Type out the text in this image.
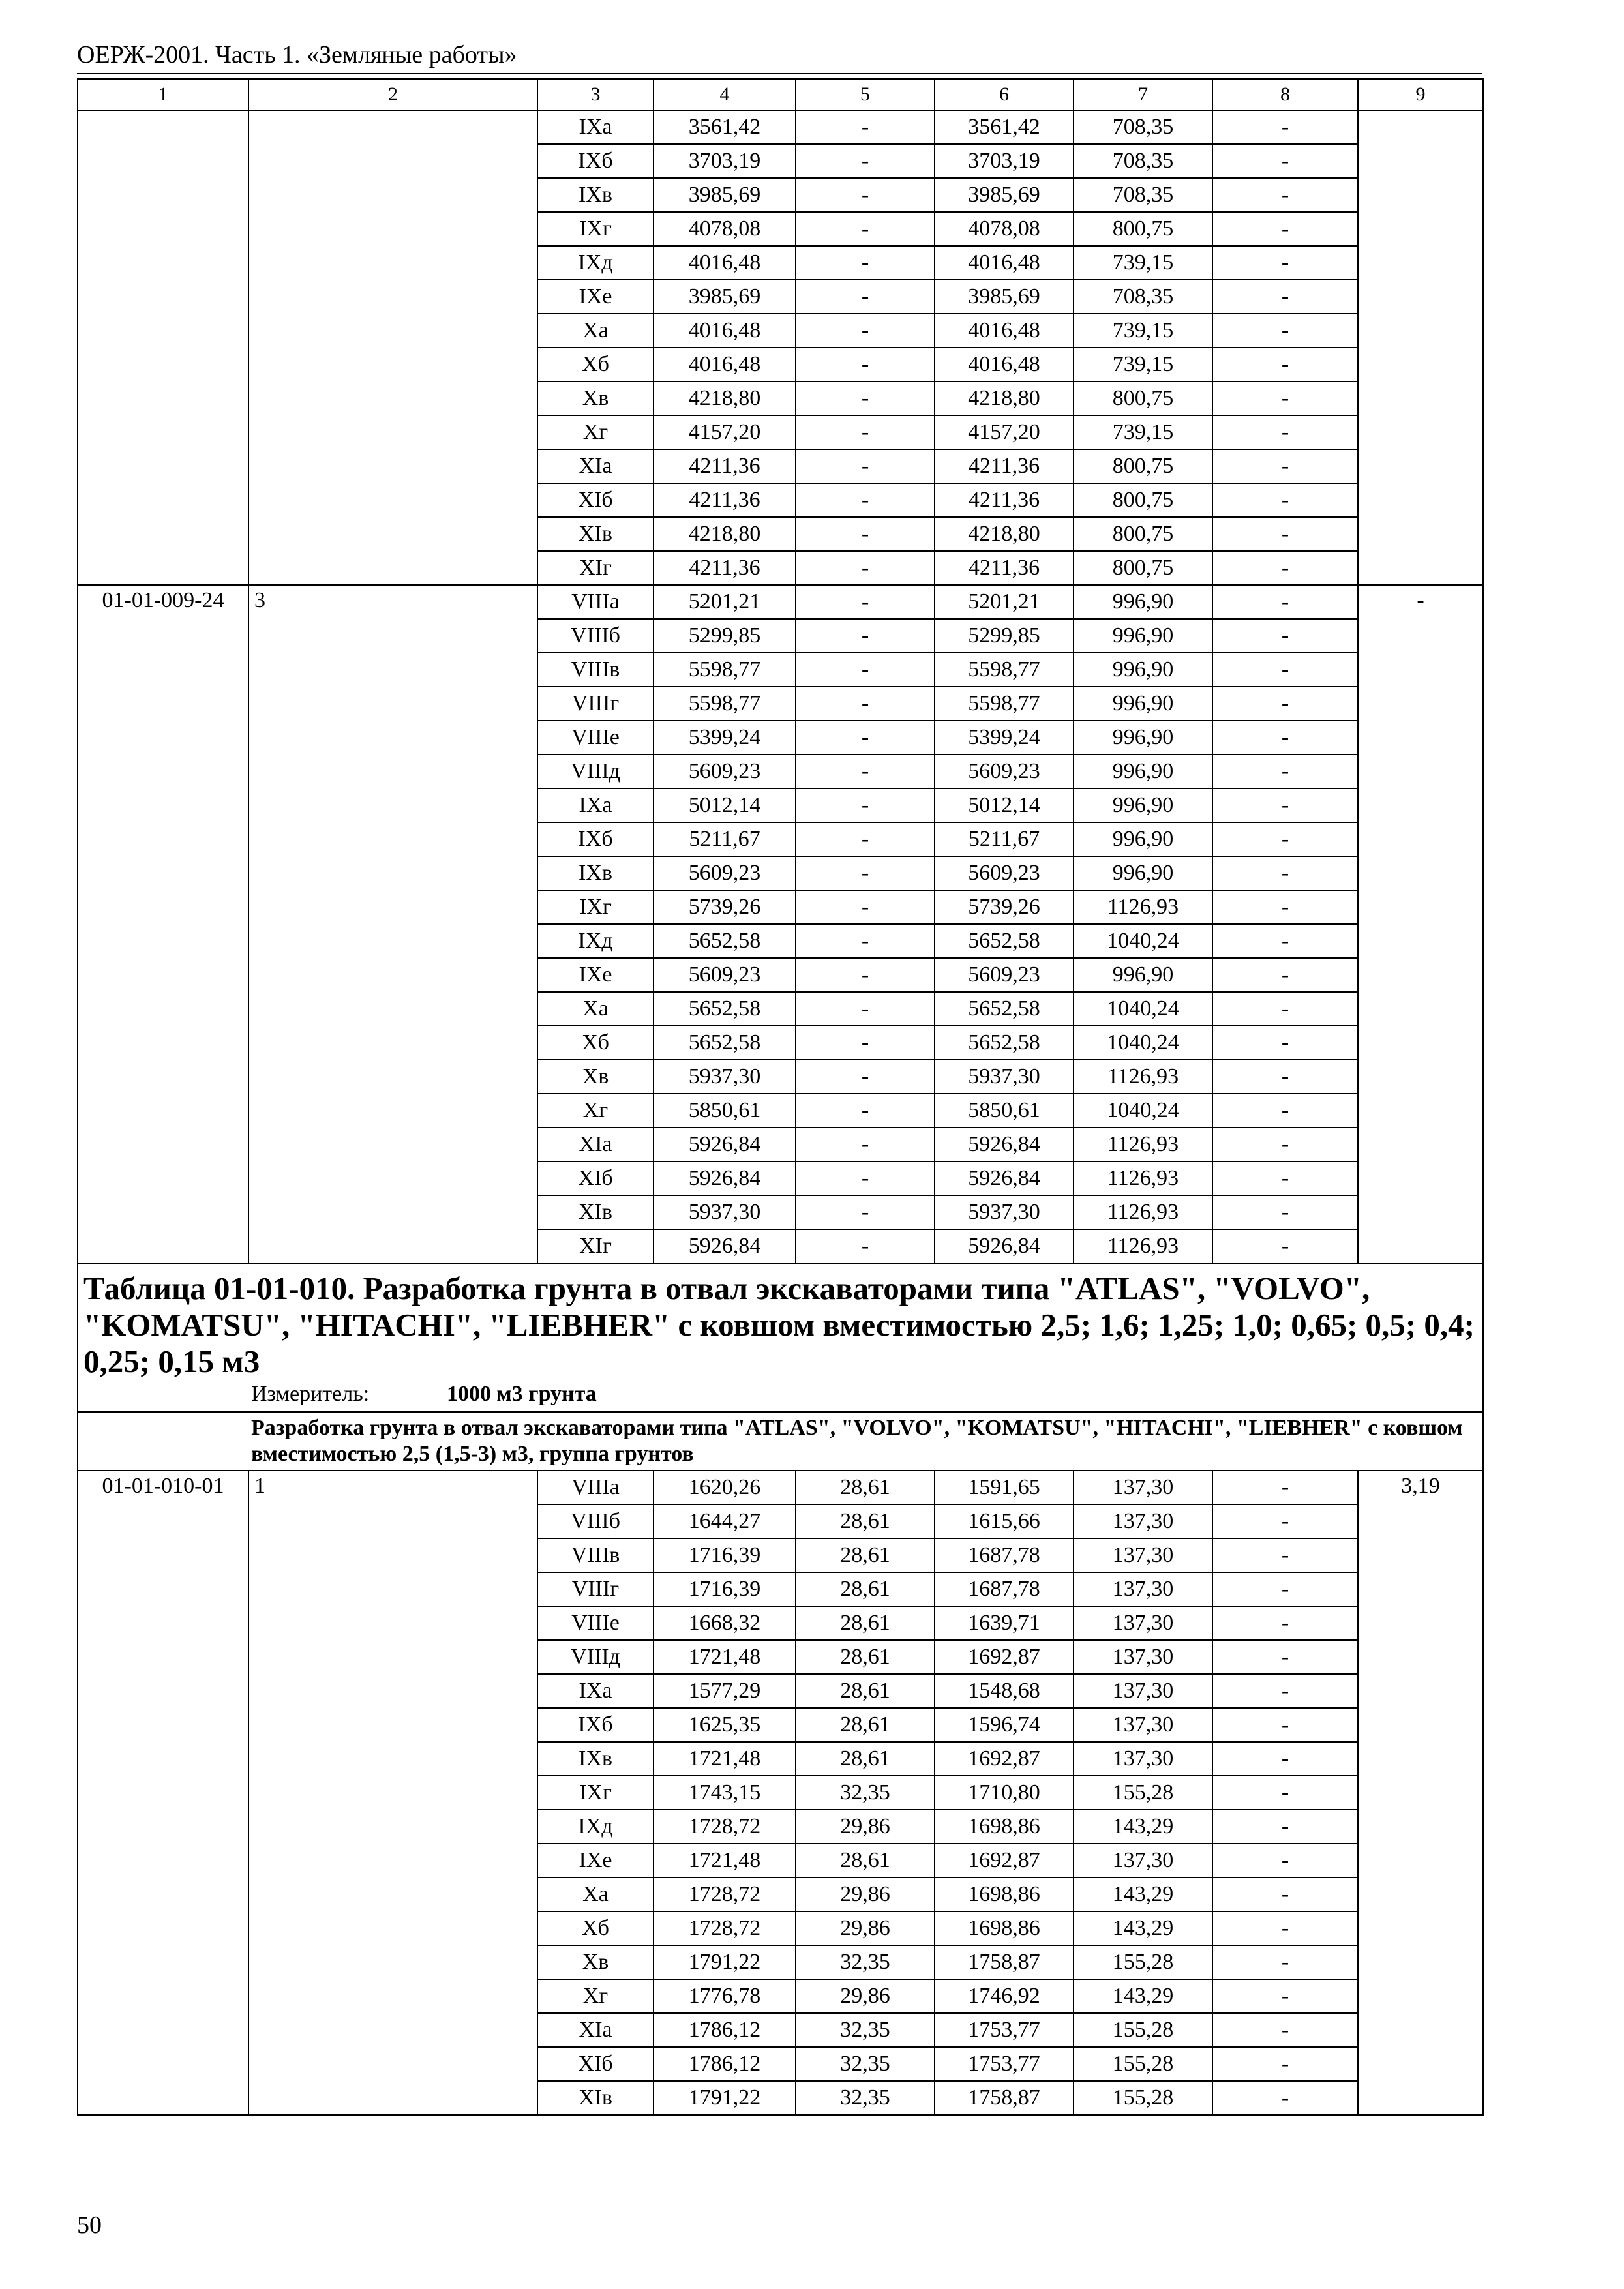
ОЕРЖ-2001. Часть 1. «Земляные работы»
1	2	3	4	5	6	7	8	9
		IXа	3561,42	-	3561,42	708,35	-	
		IXб	3703,19	-	3703,19	708,35	-	
		IXв	3985,69	-	3985,69	708,35	-	
		IXг	4078,08	-	4078,08	800,75	-	
		IXд	4016,48	-	4016,48	739,15	-	
		IXе	3985,69	-	3985,69	708,35	-	
		Xа	4016,48	-	4016,48	739,15	-	
		Xб	4016,48	-	4016,48	739,15	-	
		Xв	4218,80	-	4218,80	800,75	-	
		Xг	4157,20	-	4157,20	739,15	-	
		XIа	4211,36	-	4211,36	800,75	-	
		XIб	4211,36	-	4211,36	800,75	-	
		XIв	4218,80	-	4218,80	800,75	-	
		XIг	4211,36	-	4211,36	800,75	-	
01-01-009-24	3	VIIIа	5201,21	-	5201,21	996,90	-	-
		VIIIб	5299,85	-	5299,85	996,90	-	
		VIIIв	5598,77	-	5598,77	996,90	-	
		VIIIг	5598,77	-	5598,77	996,90	-	
		VIIIе	5399,24	-	5399,24	996,90	-	
		VIIIд	5609,23	-	5609,23	996,90	-	
		IXа	5012,14	-	5012,14	996,90	-	
		IXб	5211,67	-	5211,67	996,90	-	
		IXв	5609,23	-	5609,23	996,90	-	
		IXг	5739,26	-	5739,26	1126,93	-	
		IXд	5652,58	-	5652,58	1040,24	-	
		IXе	5609,23	-	5609,23	996,90	-	
		Xа	5652,58	-	5652,58	1040,24	-	
		Xб	5652,58	-	5652,58	1040,24	-	
		Xв	5937,30	-	5937,30	1126,93	-	
		Xг	5850,61	-	5850,61	1040,24	-	
		XIа	5926,84	-	5926,84	1126,93	-	
		XIб	5926,84	-	5926,84	1126,93	-	
		XIв	5937,30	-	5937,30	1126,93	-	
		XIг	5926,84	-	5926,84	1126,93	-	

Таблица 01-01-010. Разработка грунта в отвал экскаваторами типа "ATLAS", "VOLVO", "KOMATSU", "HITACHI", "LIEBHER" с ковшом вместимостью 2,5; 1,6; 1,25; 1,0; 0,65; 0,5; 0,4; 0,25; 0,15 м3
Измеритель: 1000 м3 грунта								

Разработка грунта в отвал экскаваторами типа "ATLAS", "VOLVO", "KOMATSU", "HITACHI", "LIEBHER" с ковшом вместимостью 2,5 (1,5-3) м3, группа грунтов								

01-01-010-01	1	VIIIа	1620,26	28,61	1591,65	137,30	-	3,19
		VIIIб	1644,27	28,61	1615,66	137,30	-	
		VIIIв	1716,39	28,61	1687,78	137,30	-	
		VIIIг	1716,39	28,61	1687,78	137,30	-	
		VIIIе	1668,32	28,61	1639,71	137,30	-	
		VIIIд	1721,48	28,61	1692,87	137,30	-	
		IXа	1577,29	28,61	1548,68	137,30	-	
		IXб	1625,35	28,61	1596,74	137,30	-	
		IXв	1721,48	28,61	1692,87	137,30	-	
		IXг	1743,15	32,35	1710,80	155,28	-	
		IXд	1728,72	29,86	1698,86	143,29	-	
		IXе	1721,48	28,61	1692,87	137,30	-	
		Xа	1728,72	29,86	1698,86	143,29	-	
		Xб	1728,72	29,86	1698,86	143,29	-	
		Xв	1791,22	32,35	1758,87	155,28	-	
		Xг	1776,78	29,86	1746,92	143,29	-	
		XIа	1786,12	32,35	1753,77	155,28	-	
		XIб	1786,12	32,35	1753,77	155,28	-	
		XIв	1791,22	32,35	1758,87	155,28	-	
50
